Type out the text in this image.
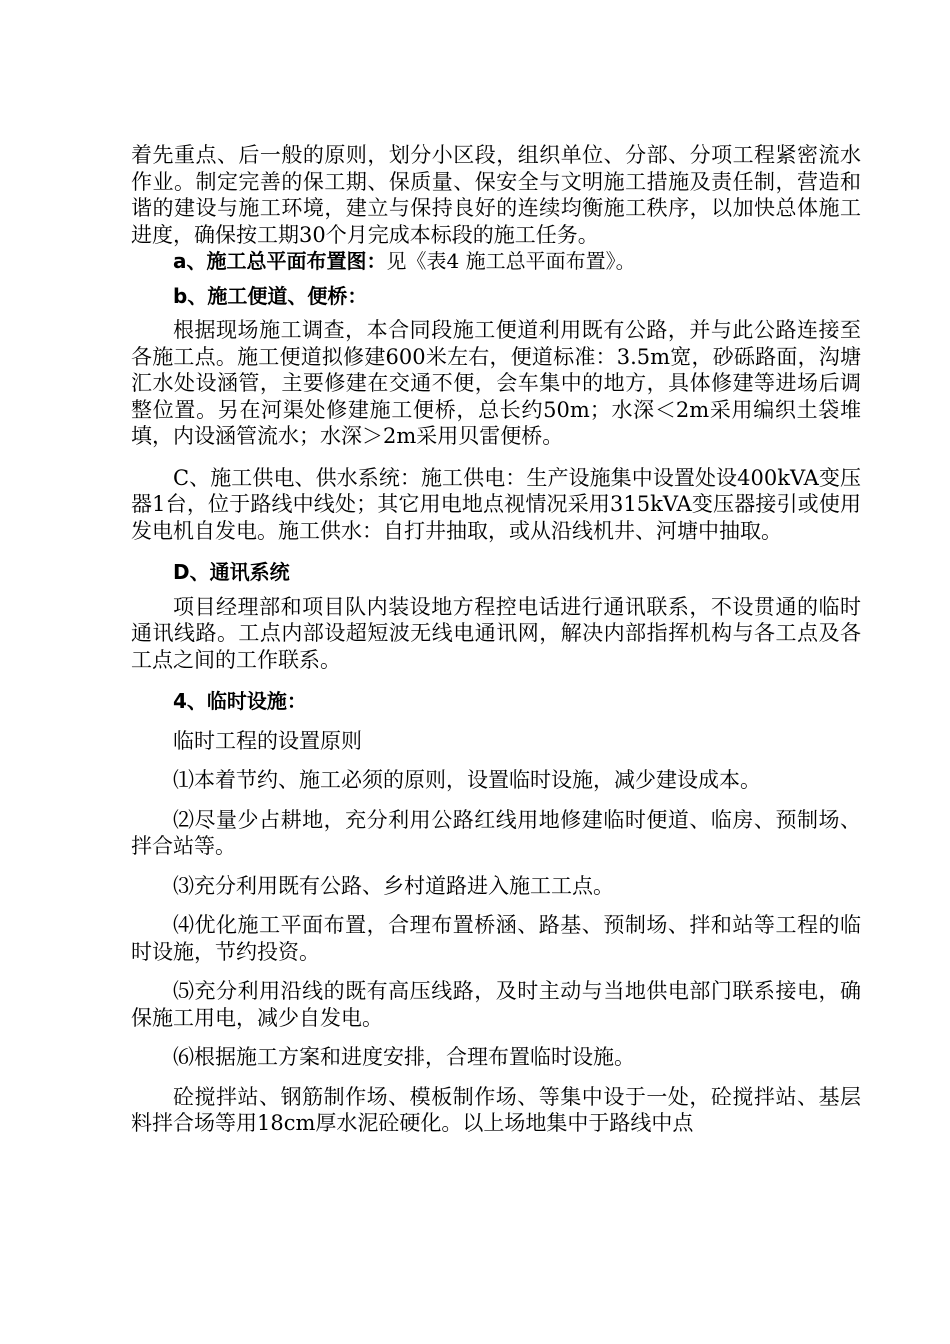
着先重点、后一般的原则，划分小区段，组织单位、分部、分项工程紧密流水作业。制定完善的保工期、保质量、保安全与文明施工措施及责任制，营造和谐的建设与施工环境，建立与保持良好的连续均衡施工秩序，以加快总体施工进度，确保按工期30个月完成本标段的施工任务。

a、施工总平面布置图：见《表4 施工总平面布置》。

b、施工便道、便桥：

根据现场施工调查，本合同段施工便道利用既有公路，并与此公路连接至各施工点。施工便道拟修建600米左右，便道标准：3.5m宽，砂砾路面，沟塘汇水处设涵管，主要修建在交通不便，会车集中的地方，具体修建等进场后调整位置。另在河渠处修建施工便桥，总长约50m；水深＜2m采用编织土袋堆填，内设涵管流水；水深＞2m采用贝雷便桥。

C、施工供电、供水系统：施工供电：生产设施集中设置处设400kVA变压器1台，位于路线中线处；其它用电地点视情况采用315kVA变压器接引或使用发电机自发电。施工供水：自打井抽取，或从沿线机井、河塘中抽取。

D、通讯系统

项目经理部和项目队内装设地方程控电话进行通讯联系，不设贯通的临时通讯线路。工点内部设超短波无线电通讯网，解决内部指挥机构与各工点及各工点之间的工作联系。

4、临时设施：

临时工程的设置原则

⑴本着节约、施工必须的原则，设置临时设施，减少建设成本。

⑵尽量少占耕地，充分利用公路红线用地修建临时便道、临房、预制场、拌合站等。

⑶充分利用既有公路、乡村道路进入施工工点。

⑷优化施工平面布置，合理布置桥涵、路基、预制场、拌和站等工程的临时设施，节约投资。

⑸充分利用沿线的既有高压线路，及时主动与当地供电部门联系接电，确保施工用电，减少自发电。

⑹根据施工方案和进度安排，合理布置临时设施。

砼搅拌站、钢筋制作场、模板制作场、等集中设于一处，砼搅拌站、基层料拌合场等用18cm厚水泥砼硬化。以上场地集中于路线中点
